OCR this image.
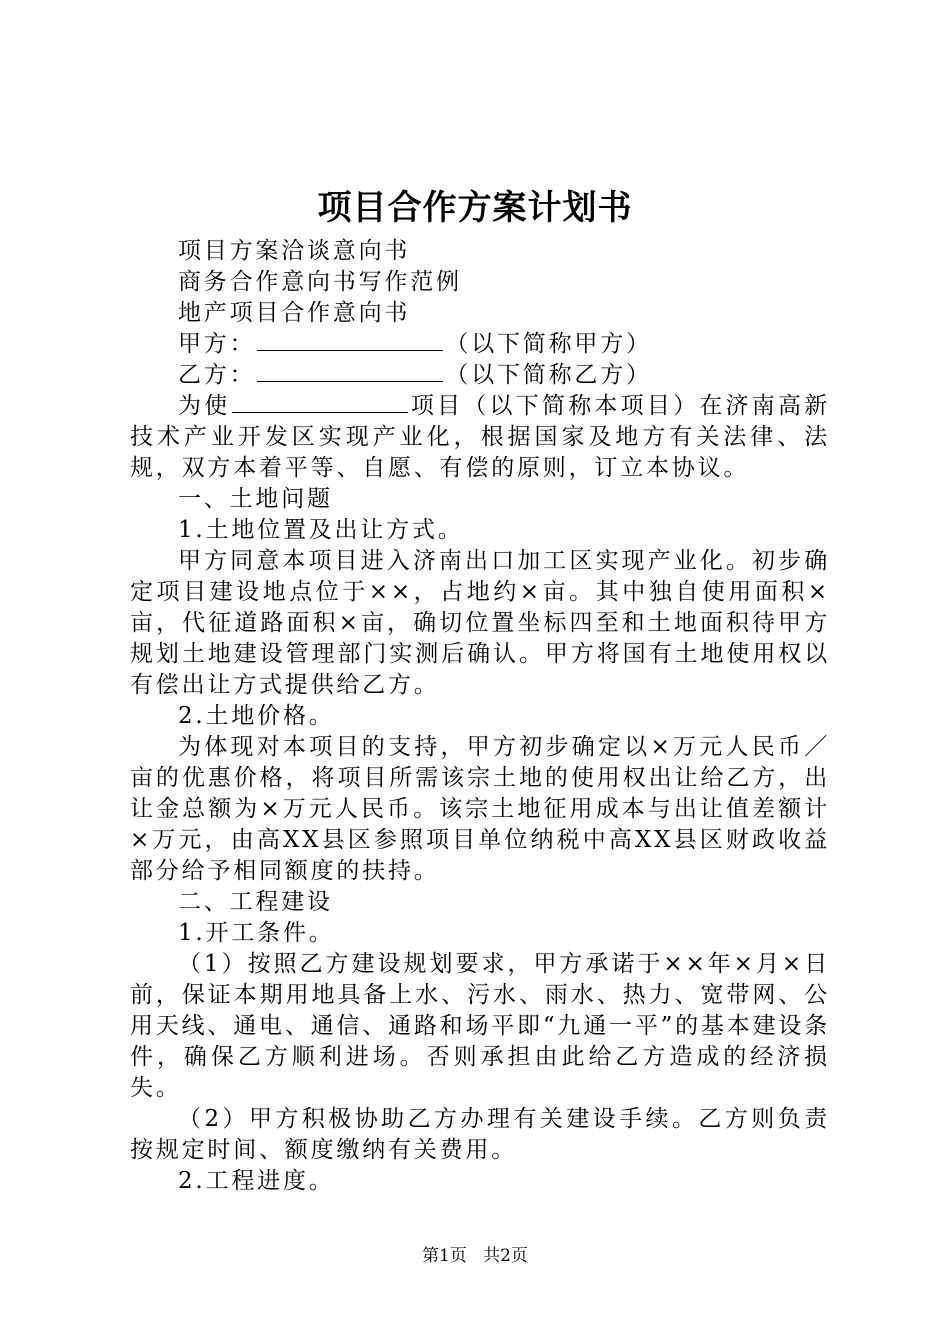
项目合作方案计划书

项目方案洽谈意向书

商务合作意向书写作范例

地产项目合作意向书

甲方：	（以下简称甲方）

乙方：	（以下简称乙方）

为使	项目（以下简称本项目）在济南高新技术产业开发区实现产业化，根据国家及地方有关法律、法规，双方本着平等、自愿、有偿的原则，订立本协议。

一、土地问题

1.土地位置及出让方式。

甲方同意本项目进入济南出口加工区实现产业化。初步确定项目建设地点位于××，占地约×亩。其中独自使用面积×亩，代征道路面积×亩，确切位置坐标四至和土地面积待甲方规划土地建设管理部门实测后确认。甲方将国有土地使用权以有偿出让方式提供给乙方。

2.土地价格。

为体现对本项目的支持，甲方初步确定以×万元人民币／亩的优惠价格，将项目所需该宗土地的使用权出让给乙方，出让金总额为×万元人民币。该宗土地征用成本与出让值差额计×万元，由高XX县区参照项目单位纳税中高XX县区财政收益部分给予相同额度的扶持。

二、工程建设

1.开工条件。

（1）按照乙方建设规划要求，甲方承诺于××年×月×日前，保证本期用地具备上水、污水、雨水、热力、宽带网、公用天线、通电、通信、通路和场平即“九通一平”的基本建设条件，确保乙方顺利进场。否则承担由此给乙方造成的经济损失。

（2）甲方积极协助乙方办理有关建设手续。乙方则负责按规定时间、额度缴纳有关费用。

2.工程进度。

第1页 共2页
